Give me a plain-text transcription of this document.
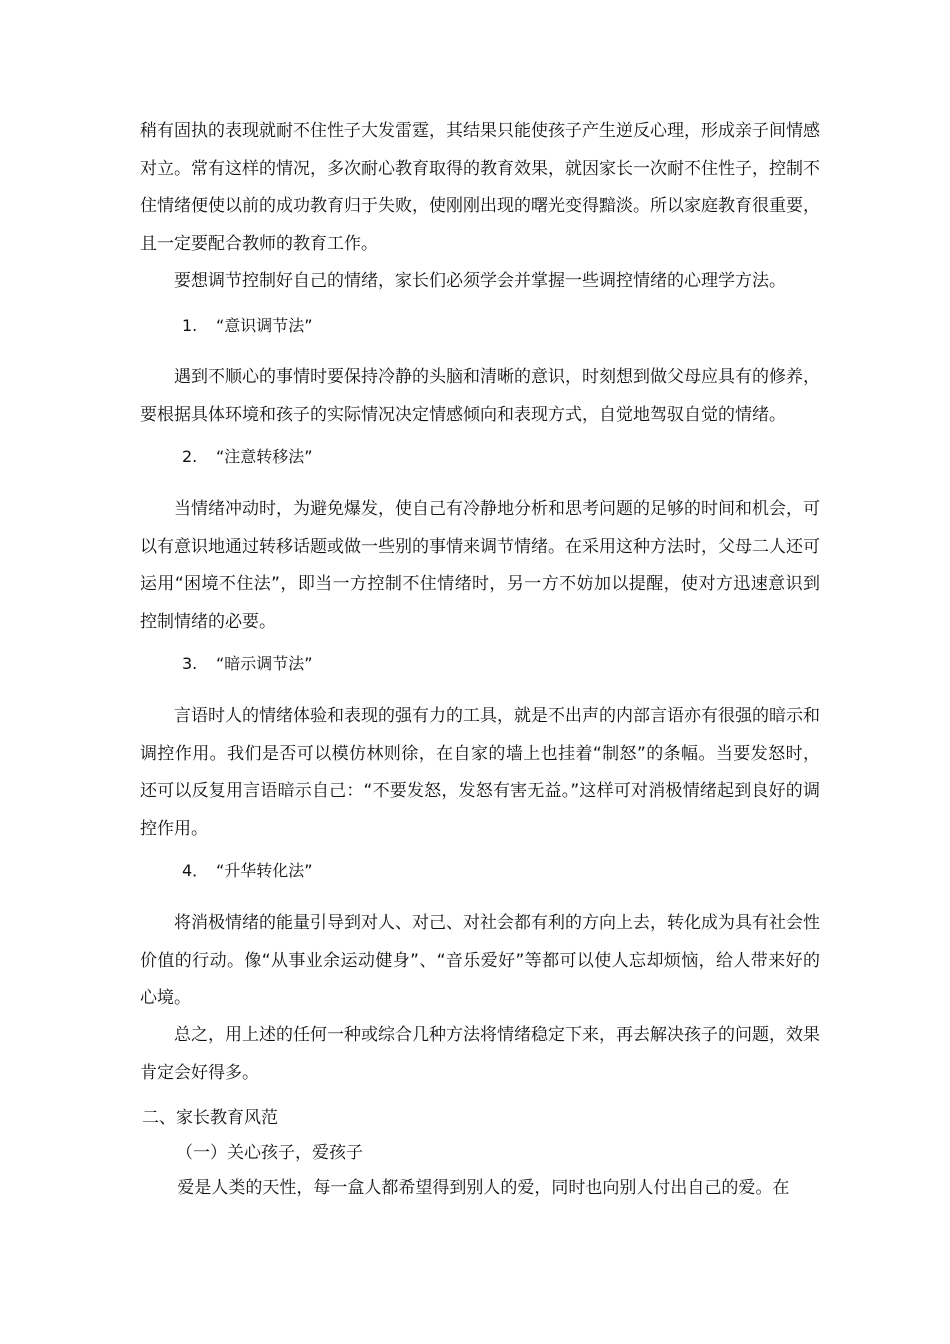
稍有固执的表现就耐不住性子大发雷霆，其结果只能使孩子产生逆反心理，形成亲子间情感对立。常有这样的情况，多次耐心教育取得的教育效果，就因家长一次耐不住性子，控制不住情绪便使以前的成功教育归于失败，使刚刚出现的曙光变得黯淡。所以家庭教育很重要，且一定要配合教师的教育工作。

要想调节控制好自己的情绪，家长们必须学会并掌握一些调控情绪的心理学方法。

1. “意识调节法”

遇到不顺心的事情时要保持冷静的头脑和清晰的意识，时刻想到做父母应具有的修养，要根据具体环境和孩子的实际情况决定情感倾向和表现方式，自觉地驾驭自觉的情绪。

2. “注意转移法”

当情绪冲动时，为避免爆发，使自己有冷静地分析和思考问题的足够的时间和机会，可以有意识地通过转移话题或做一些别的事情来调节情绪。在采用这种方法时，父母二人还可运用“困境不住法”，即当一方控制不住情绪时，另一方不妨加以提醒，使对方迅速意识到控制情绪的必要。

3. “暗示调节法”

言语时人的情绪体验和表现的强有力的工具，就是不出声的内部言语亦有很强的暗示和调控作用。我们是否可以模仿林则徐，在自家的墙上也挂着“制怒”的条幅。当要发怒时，还可以反复用言语暗示自己：“不要发怒，发怒有害无益。”这样可对消极情绪起到良好的调控作用。

4． “升华转化法”

将消极情绪的能量引导到对人、对己、对社会都有利的方向上去，转化成为具有社会性价值的行动。像“从事业余运动健身”、“音乐爱好”等都可以使人忘却烦恼，给人带来好的心境。

总之，用上述的任何一种或综合几种方法将情绪稳定下来，再去解决孩子的问题，效果肯定会好得多。

二、家长教育风范

（一）关心孩子，爱孩子

爱是人类的天性，每一盒人都希望得到别人的爱，同时也向别人付出自己的爱。在
